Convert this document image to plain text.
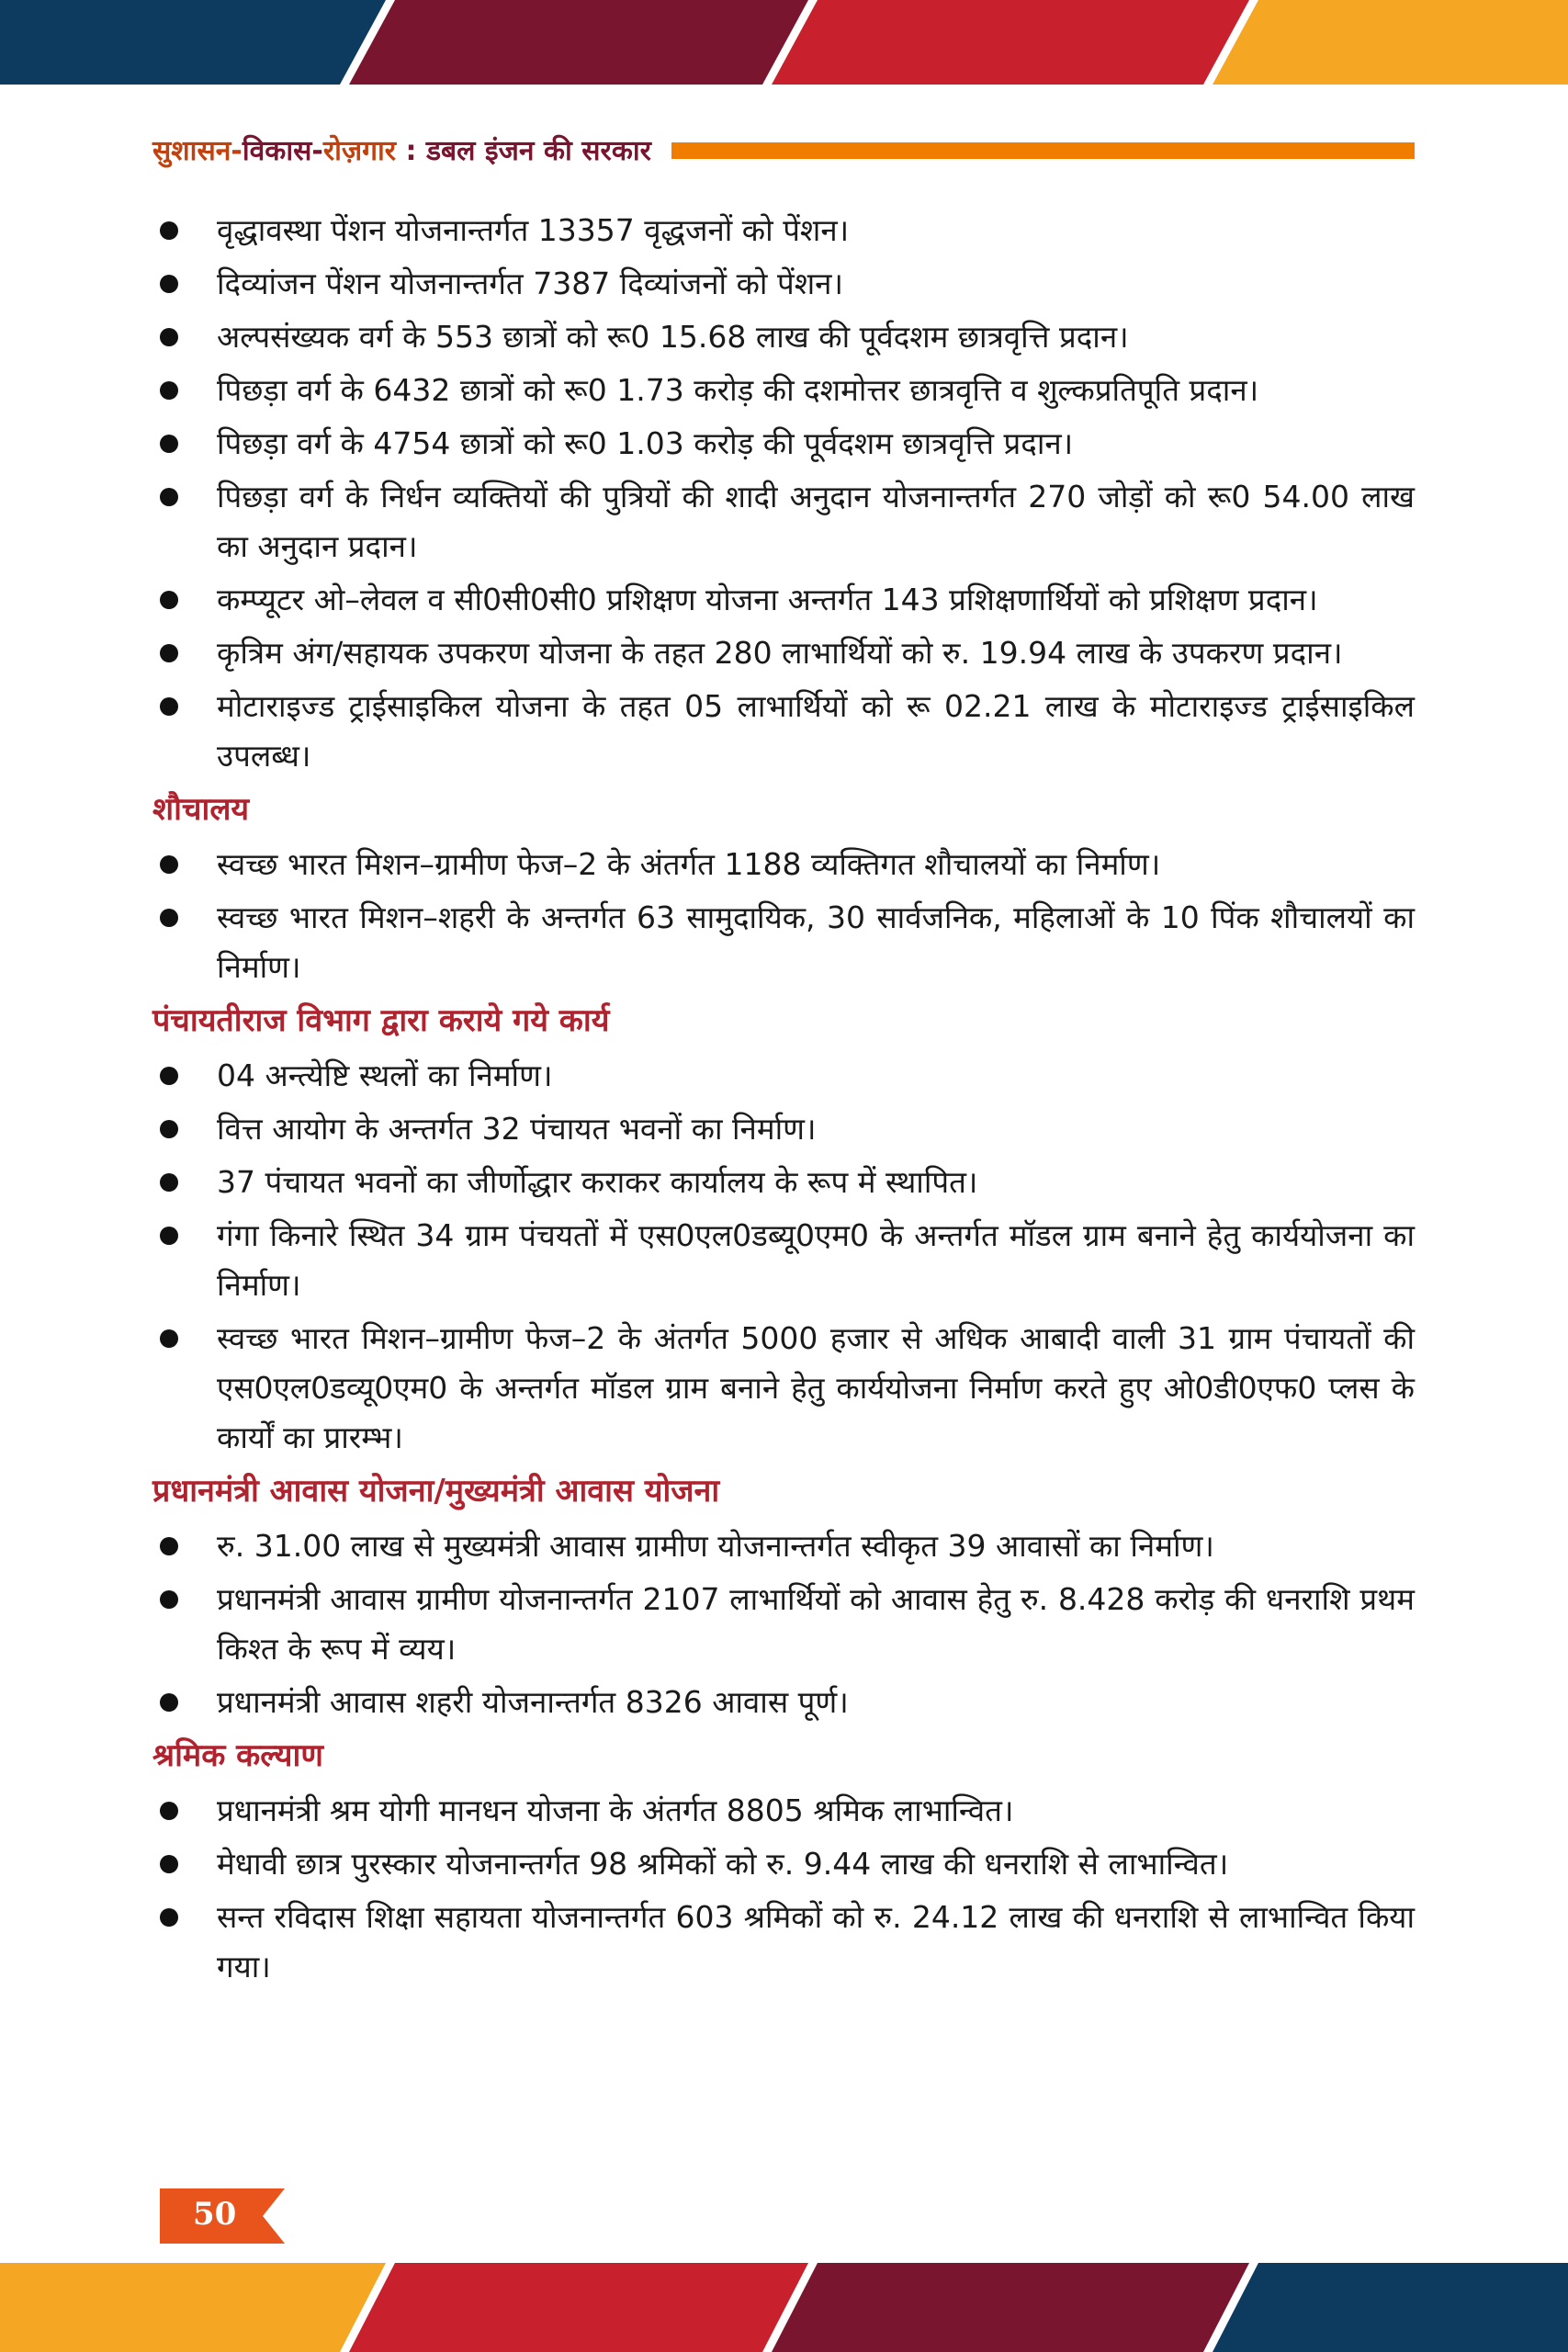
सुशासन-विकास-रोज़गार : डबल इंजन की सरकार
वृद्धावस्था पेंशन योजनान्तर्गत 13357 वृद्धजनों को पेंशन।
दिव्यांजन पेंशन योजनान्तर्गत 7387 दिव्यांजनों को पेंशन।
अल्पसंख्यक वर्ग के 553 छात्रों को रू0 15.68 लाख की पूर्वदशम छात्रवृत्ति प्रदान।
पिछड़ा वर्ग के 6432 छात्रों को रू0 1.73 करोड़ की दशमोत्तर छात्रवृत्ति व शुल्कप्रतिपूति प्रदान।
पिछड़ा वर्ग के 4754 छात्रों को रू0 1.03 करोड़ की पूर्वदशम छात्रवृत्ति प्रदान।
पिछड़ा वर्ग के निर्धन व्यक्तियों की पुत्रियों की शादी अनुदान योजनान्तर्गत 270 जोड़ों को रू0 54.00 लाख का अनुदान प्रदान।
कम्प्यूटर ओ–लेवल व सी0सी0सी0 प्रशिक्षण योजना अन्तर्गत 143 प्रशिक्षणार्थियों को प्रशिक्षण प्रदान।
कृत्रिम अंग/सहायक उपकरण योजना के तहत 280 लाभार्थियों को रु. 19.94 लाख के उपकरण प्रदान।
मोटाराइज्ड ट्राईसाइकिल योजना के तहत 05 लाभार्थियों को रू 02.21 लाख के मोटाराइज्ड ट्राईसाइकिल उपलब्ध।
शौचालय
स्वच्छ भारत मिशन–ग्रामीण फेज–2 के अंतर्गत 1188 व्यक्तिगत शौचालयों का निर्माण।
स्वच्छ भारत मिशन–शहरी के अन्तर्गत 63 सामुदायिक, 30 सार्वजनिक, महिलाओं के 10 पिंक शौचालयों का निर्माण।
पंचायतीराज विभाग द्वारा कराये गये कार्य
04 अन्त्येष्टि स्थलों का निर्माण।
वित्त आयोग के अन्तर्गत 32 पंचायत भवनों का निर्माण।
37 पंचायत भवनों का जीर्णोद्धार कराकर कार्यालय के रूप में स्थापित।
गंगा किनारे स्थित 34 ग्राम पंचयतों में एस0एल0डब्यू0एम0 के अन्तर्गत मॉडल ग्राम बनाने हेतु कार्ययोजना का निर्माण।
स्वच्छ भारत मिशन–ग्रामीण फेज–2 के अंतर्गत 5000 हजार से अधिक आबादी वाली 31 ग्राम पंचायतों की एस0एल0डव्यू0एम0 के अन्तर्गत मॉडल ग्राम बनाने हेतु कार्ययोजना निर्माण करते हुए ओ0डी0एफ0 प्लस के कार्यों का प्रारम्भ।
प्रधानमंत्री आवास योजना/मुख्यमंत्री आवास योजना
रु. 31.00 लाख से मुख्यमंत्री आवास ग्रामीण योजनान्तर्गत स्वीकृत 39 आवासों का निर्माण।
प्रधानमंत्री आवास ग्रामीण योजनान्तर्गत 2107 लाभार्थियों को आवास हेतु रु. 8.428 करोड़ की धनराशि प्रथम किश्त के रूप में व्यय।
प्रधानमंत्री आवास शहरी योजनान्तर्गत 8326 आवास पूर्ण।
श्रमिक कल्याण
प्रधानमंत्री श्रम योगी मानधन योजना के अंतर्गत 8805 श्रमिक लाभान्वित।
मेधावी छात्र पुरस्कार योजनान्तर्गत 98 श्रमिकों को रु. 9.44 लाख की धनराशि से लाभान्वित।
सन्त रविदास शिक्षा सहायता योजनान्तर्गत 603 श्रमिकों को रु. 24.12 लाख की धनराशि से लाभान्वित किया गया।
50
